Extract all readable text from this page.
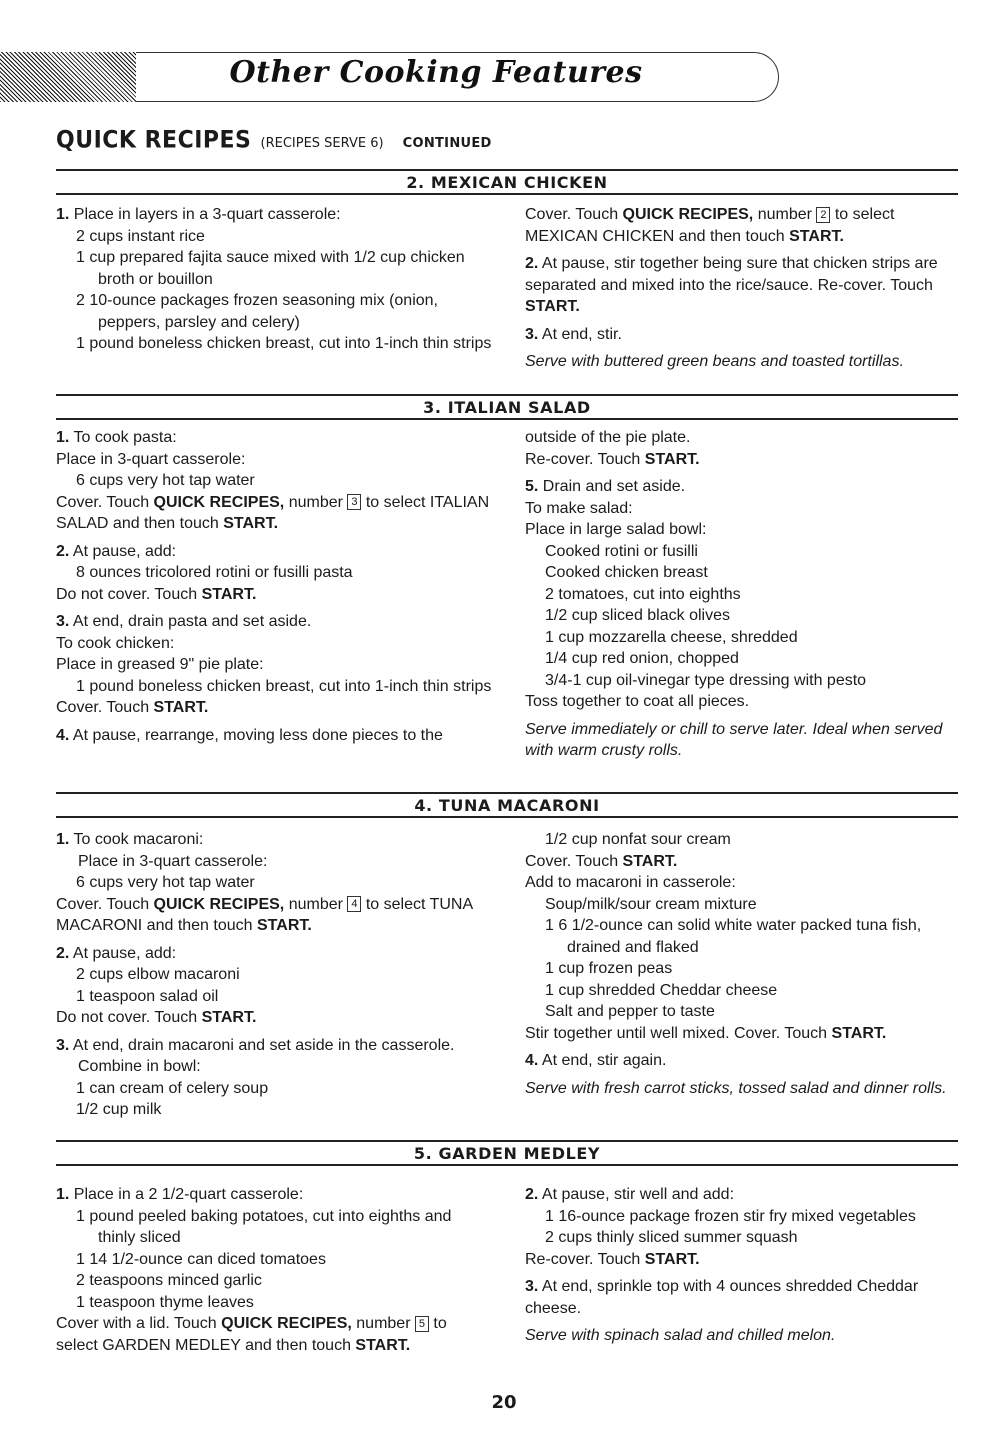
Other Cooking Features
QUICK RECIPES (RECIPES SERVE 6) CONTINUED
2. MEXICAN CHICKEN

1. Place in layers in a 3-quart casserole:

2 cups instant rice

1 cup prepared fajita sauce mixed with 1/2 cup chicken broth or bouillon

2 10-ounce packages frozen seasoning mix (onion, peppers, parsley and celery)

1 pound boneless chicken breast, cut into 1-inch thin strips

Cover. Touch QUICK RECIPES, number 2 to select MEXICAN CHICKEN and then touch START.

2. At pause, stir together being sure that chicken strips are separated and mixed into the rice/sauce. Re-cover. Touch START.

3. At end, stir.

Serve with buttered green beans and toasted tortillas.

3. ITALIAN SALAD

1. To cook pasta:

Place in 3-quart casserole:

6 cups very hot tap water

Cover. Touch QUICK RECIPES, number 3 to select ITALIAN SALAD and then touch START.

2. At pause, add:

8 ounces tricolored rotini or fusilli pasta

Do not cover. Touch START.

3. At end, drain pasta and set aside.

To cook chicken:

Place in greased 9" pie plate:

1 pound boneless chicken breast, cut into 1-inch thin strips

Cover. Touch START.

4. At pause, rearrange, moving less done pieces to the

outside of the pie plate.

Re-cover. Touch START.

5. Drain and set aside.

To make salad:

Place in large salad bowl:

Cooked rotini or fusilli

Cooked chicken breast

2 tomatoes, cut into eighths

1/2 cup sliced black olives

1 cup mozzarella cheese, shredded

1/4 cup red onion, chopped

3/4-1 cup oil-vinegar type dressing with pesto

Toss together to coat all pieces.

Serve immediately or chill to serve later. Ideal when served with warm crusty rolls.

4. TUNA MACARONI

1. To cook macaroni:

Place in 3-quart casserole:

6 cups very hot tap water

Cover. Touch QUICK RECIPES, number 4 to select TUNA MACARONI and then touch START.

2. At pause, add:

2 cups elbow macaroni

1 teaspoon salad oil

Do not cover. Touch START.

3. At end, drain macaroni and set aside in the casserole.

Combine in bowl:

1 can cream of celery soup

1/2 cup milk

1/2 cup nonfat sour cream

Cover. Touch START.

Add to macaroni in casserole:

Soup/milk/sour cream mixture

1 6 1/2-ounce can solid white water packed tuna fish, drained and flaked

1 cup frozen peas

1 cup shredded Cheddar cheese

Salt and pepper to taste

Stir together until well mixed. Cover. Touch START.

4. At end, stir again.

Serve with fresh carrot sticks, tossed salad and dinner rolls.

5. GARDEN MEDLEY

1. Place in a 2 1/2-quart casserole:

1 pound peeled baking potatoes, cut into eighths and thinly sliced

1 14 1/2-ounce can diced tomatoes

2 teaspoons minced garlic

1 teaspoon thyme leaves

Cover with a lid. Touch QUICK RECIPES, number 5 to select GARDEN MEDLEY and then touch START.

2. At pause, stir well and add:

1 16-ounce package frozen stir fry mixed vegetables

2 cups thinly sliced summer squash

Re-cover. Touch START.

3. At end, sprinkle top with 4 ounces shredded Cheddar cheese.

Serve with spinach salad and chilled melon.

20
